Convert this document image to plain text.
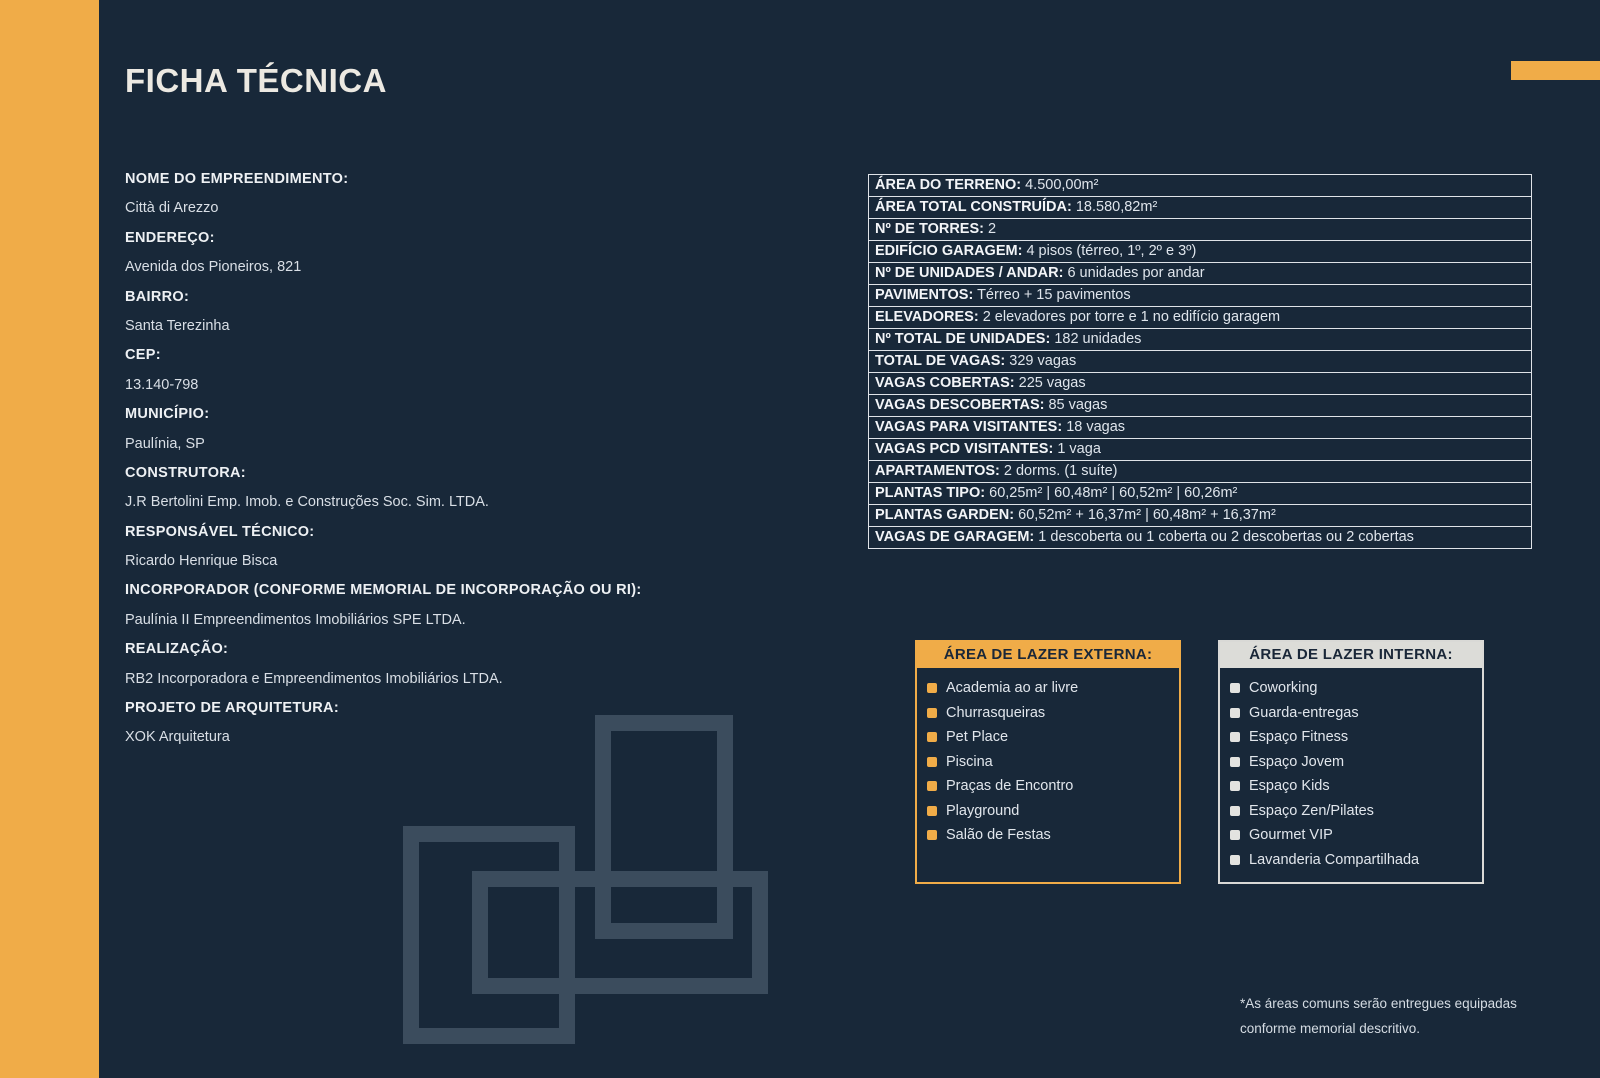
FICHA TÉCNICA
NOME DO EMPREENDIMENTO:
Città di Arezzo
ENDEREÇO:
Avenida dos Pioneiros, 821
BAIRRO:
Santa Terezinha
CEP:
13.140-798
MUNICÍPIO:
Paulínia, SP
CONSTRUTORA:
J.R Bertolini Emp. Imob. e Construções Soc. Sim. LTDA.
RESPONSÁVEL TÉCNICO:
Ricardo Henrique Bisca
INCORPORADOR (CONFORME MEMORIAL DE INCORPORAÇÃO OU RI):
Paulínia II Empreendimentos Imobiliários SPE LTDA.
REALIZAÇÃO:
RB2 Incorporadora e Empreendimentos Imobiliários LTDA.
PROJETO DE ARQUITETURA:
XOK Arquitetura
ÁREA DO TERRENO: 4.500,00m²
ÁREA TOTAL CONSTRUÍDA: 18.580,82m²
Nº DE TORRES: 2
EDIFÍCIO GARAGEM: 4 pisos (térreo, 1º, 2º e 3º)
Nº DE UNIDADES / ANDAR: 6 unidades por andar
PAVIMENTOS: Térreo + 15 pavimentos
ELEVADORES: 2 elevadores por torre e 1 no edifício garagem
Nº TOTAL DE UNIDADES: 182 unidades
TOTAL DE VAGAS: 329 vagas
VAGAS COBERTAS: 225 vagas
VAGAS DESCOBERTAS: 85 vagas
VAGAS PARA VISITANTES: 18 vagas
VAGAS PCD VISITANTES: 1 vaga
APARTAMENTOS: 2 dorms. (1 suíte)
PLANTAS TIPO: 60,25m² | 60,48m² | 60,52m² | 60,26m²
PLANTAS GARDEN: 60,52m² + 16,37m² | 60,48m² + 16,37m²
VAGAS DE GARAGEM: 1 descoberta ou 1 coberta ou 2 descobertas ou 2 cobertas
ÁREA DE LAZER EXTERNA:
Academia ao ar livre
Churrasqueiras
Pet Place
Piscina
Praças de Encontro
Playground
Salão de Festas
ÁREA DE LAZER INTERNA:
Coworking
Guarda-entregas
Espaço Fitness
Espaço Jovem
Espaço Kids
Espaço Zen/Pilates
Gourmet VIP
Lavanderia Compartilhada
*As áreas comuns serão entregues equipadas
conforme memorial descritivo.
